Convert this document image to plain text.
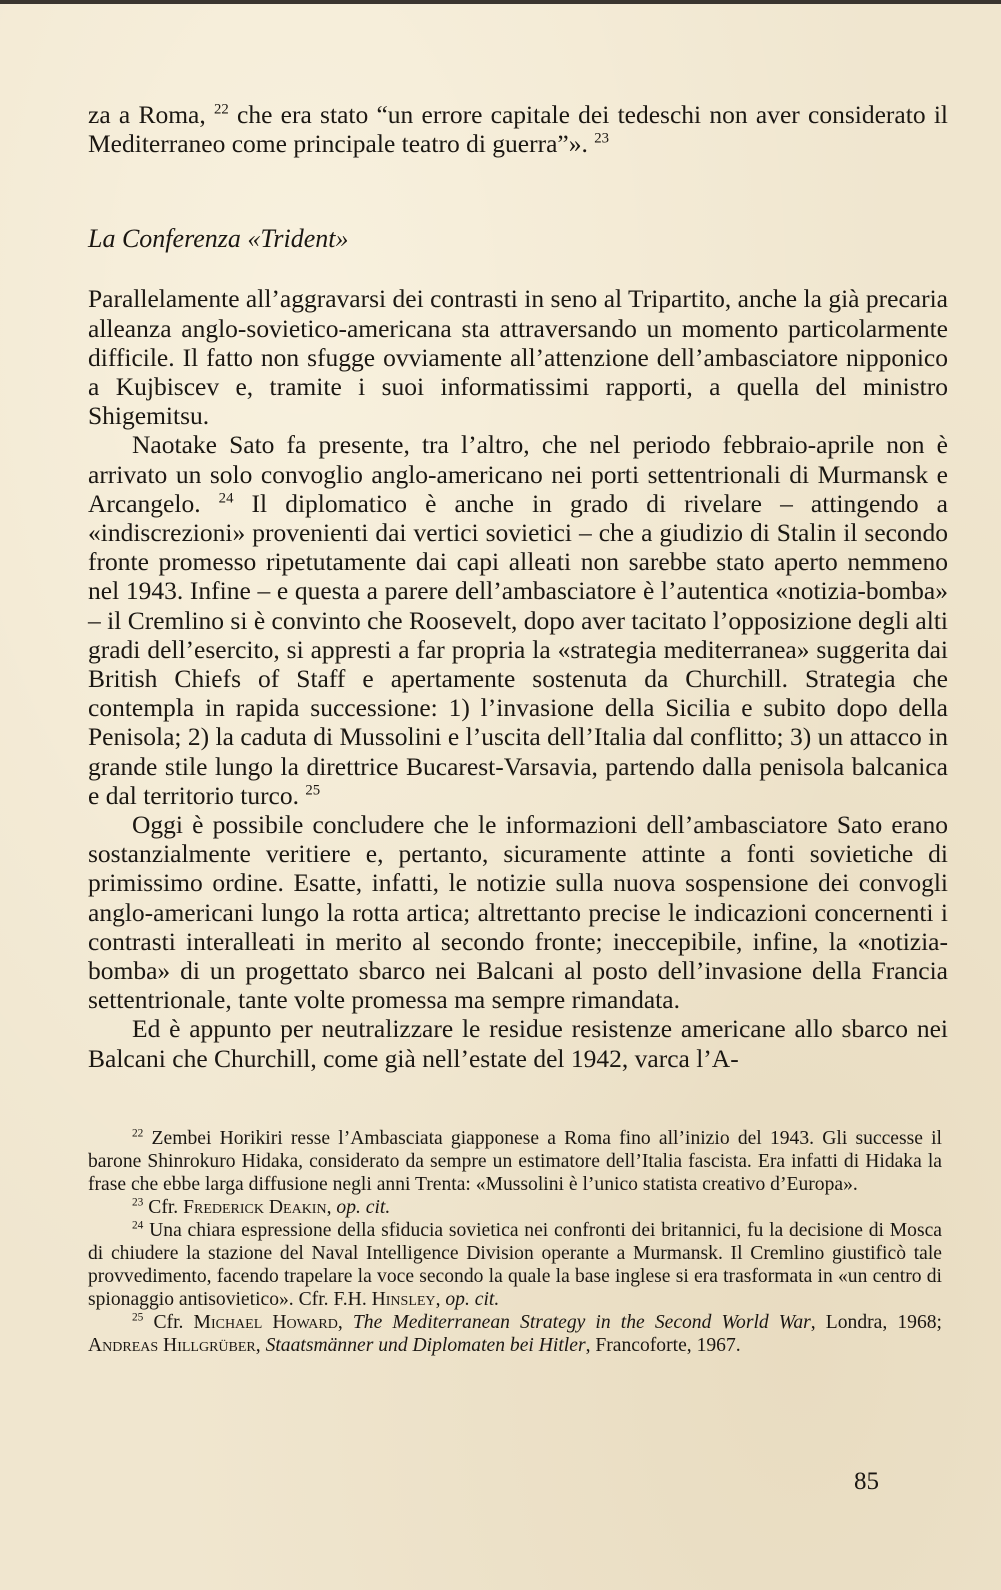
za a Roma, $^{22}$ che era stato “un errore capitale dei tedeschi non aver considerato il Mediterraneo come principale teatro di guerra”». $^{23}$

La Conferenza «Trident»

Parallelamente all’aggravarsi dei contrasti in seno al Tripartito, anche la già precaria alleanza anglo-sovietico-americana sta attraversando un momento particolarmente difficile. Il fatto non sfugge ovviamente all’attenzione dell’ambasciatore nipponico a Kujbiscev e, tramite i suoi informatissimi rapporti, a quella del ministro Shigemitsu.

Naotake Sato fa presente, tra l’altro, che nel periodo febbraio-aprile non è arrivato un solo convoglio anglo-americano nei porti settentrionali di Murmansk e Arcangelo. $^{24}$ Il diplomatico è anche in grado di rivelare – attingendo a «indiscrezioni» provenienti dai vertici sovietici – che a giudizio di Stalin il secondo fronte promesso ripetutamente dai capi alleati non sarebbe stato aperto nemmeno nel 1943. Infine – e questa a parere dell’ambasciatore è l’autentica «notizia-bomba» – il Cremlino si è convinto che Roosevelt, dopo aver tacitato l’opposizione degli alti gradi dell’esercito, si appresti a far propria la «strategia mediterranea» suggerita dai British Chiefs of Staff e apertamente sostenuta da Churchill. Strategia che contempla in rapida successione: 1) l’invasione della Sicilia e subito dopo della Penisola; 2) la caduta di Mussolini e l’uscita dell’Italia dal conflitto; 3) un attacco in grande stile lungo la direttrice Bucarest-Varsavia, partendo dalla penisola balcanica e dal territorio turco. $^{25}$

Oggi è possibile concludere che le informazioni dell’ambasciatore Sato erano sostanzialmente veritiere e, pertanto, sicuramente attinte a fonti sovietiche di primissimo ordine. Esatte, infatti, le notizie sulla nuova sospensione dei convogli anglo-americani lungo la rotta artica; altrettanto precise le indicazioni concernenti i contrasti interalleati in merito al secondo fronte; ineccepibile, infine, la «notizia-bomba» di un progettato sbarco nei Balcani al posto dell’invasione della Francia settentrionale, tante volte promessa ma sempre rimandata.

Ed è appunto per neutralizzare le residue resistenze americane allo sbarco nei Balcani che Churchill, come già nell’estate del 1942, varca l’A-

$^{22}$ Zembei Horikiri resse l’Ambasciata giapponese a Roma fino all’inizio del 1943. Gli successe il barone Shinrokuro Hidaka, considerato da sempre un estimatore dell’Italia fascista. Era infatti di Hidaka la frase che ebbe larga diffusione negli anni Trenta: «Mussolini è l’unico statista creativo d’Europa».

$^{23}$ Cfr. Frederick Deakin, op. cit.

$^{24}$ Una chiara espressione della sfiducia sovietica nei confronti dei britannici, fu la decisione di Mosca di chiudere la stazione del Naval Intelligence Division operante a Murmansk. Il Cremlino giustificò tale provvedimento, facendo trapelare la voce secondo la quale la base inglese si era trasformata in «un centro di spionaggio antisovietico». Cfr. F.H. Hinsley, op. cit.

$^{25}$ Cfr. Michael Howard, The Mediterranean Strategy in the Second World War, Londra, 1968; Andreas Hillgrüber, Staatsmänner und Diplomaten bei Hitler, Francoforte, 1967.

85
